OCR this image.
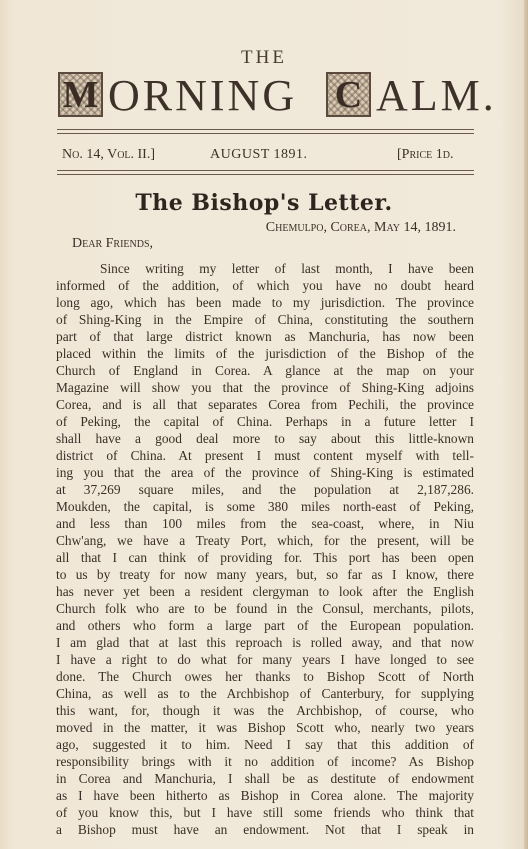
THE
M ORNING C ALM.
No. 14, Vol. II.]	AUGUST 1891.	[Price 1d.
The Bishop's Letter.
Chemulpo, Corea, May 14, 1891.
Dear Friends,
Since writing my letter of last month, I have been
informed of the addition, of which you have no doubt heard
long ago, which has been made to my jurisdiction. The province
of Shing-King in the Empire of China, constituting the southern
part of that large district known as Manchuria, has now been
placed within the limits of the jurisdiction of the Bishop of the
Church of England in Corea. A glance at the map on your
Magazine will show you that the province of Shing-King adjoins
Corea, and is all that separates Corea from Pechili, the province
of Peking, the capital of China. Perhaps in a future letter I
shall have a good deal more to say about this little-known
district of China. At present I must content myself with tell-
ing you that the area of the province of Shing-King is estimated
at 37,269 square miles, and the population at 2,187,286.
Moukden, the capital, is some 380 miles north-east of Peking,
and less than 100 miles from the sea-coast, where, in Niu
Chw'ang, we have a Treaty Port, which, for the present, will be
all that I can think of providing for. This port has been open
to us by treaty for now many years, but, so far as I know, there
has never yet been a resident clergyman to look after the English
Church folk who are to be found in the Consul, merchants, pilots,
and others who form a large part of the European population.
I am glad that at last this reproach is rolled away, and that now
I have a right to do what for many years I have longed to see
done. The Church owes her thanks to Bishop Scott of North
China, as well as to the Archbishop of Canterbury, for supplying
this want, for, though it was the Archbishop, of course, who
moved in the matter, it was Bishop Scott who, nearly two years
ago, suggested it to him. Need I say that this addition of
responsibility brings with it no addition of income? As Bishop
in Corea and Manchuria, I shall be as destitute of endowment
as I have been hitherto as Bishop in Corea alone. The majority
of you know this, but I have still some friends who think that
a Bishop must have an endowment. Not that I speak in
